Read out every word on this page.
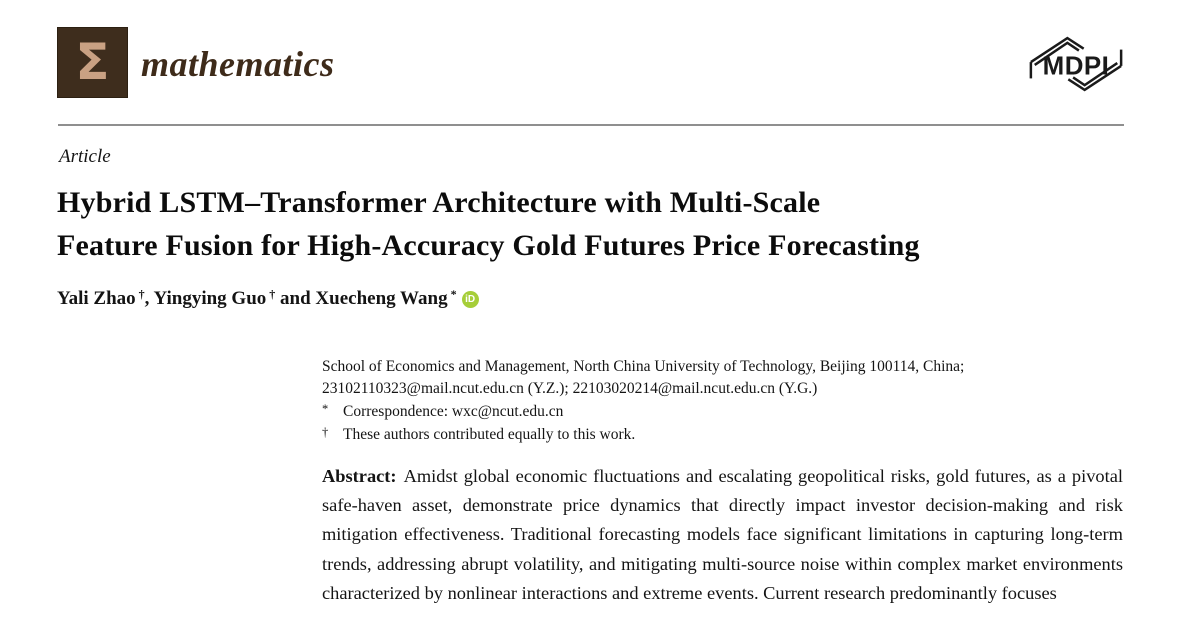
Σ mathematics	MDPI
Article
Hybrid LSTM–Transformer Architecture with Multi-Scale
Feature Fusion for High-Accuracy Gold Futures Price Forecasting
Yali Zhao †, Yingying Guo † and Xuecheng Wang * iD
School of Economics and Management, North China University of Technology, Beijing 100114, China;
23102110323@mail.ncut.edu.cn (Y.Z.); 22103020214@mail.ncut.edu.cn (Y.G.)
* Correspondence: wxc@ncut.edu.cn
† These authors contributed equally to this work.
Abstract: Amidst global economic fluctuations and escalating geopolitical risks, gold futures, as a pivotal safe-haven asset, demonstrate price dynamics that directly impact investor decision-making and risk mitigation effectiveness. Traditional forecasting models face significant limitations in capturing long-term trends, addressing abrupt volatility, and mitigating multi-source noise within complex market environments characterized by nonlinear interactions and extreme events. Current research predominantly focuses
